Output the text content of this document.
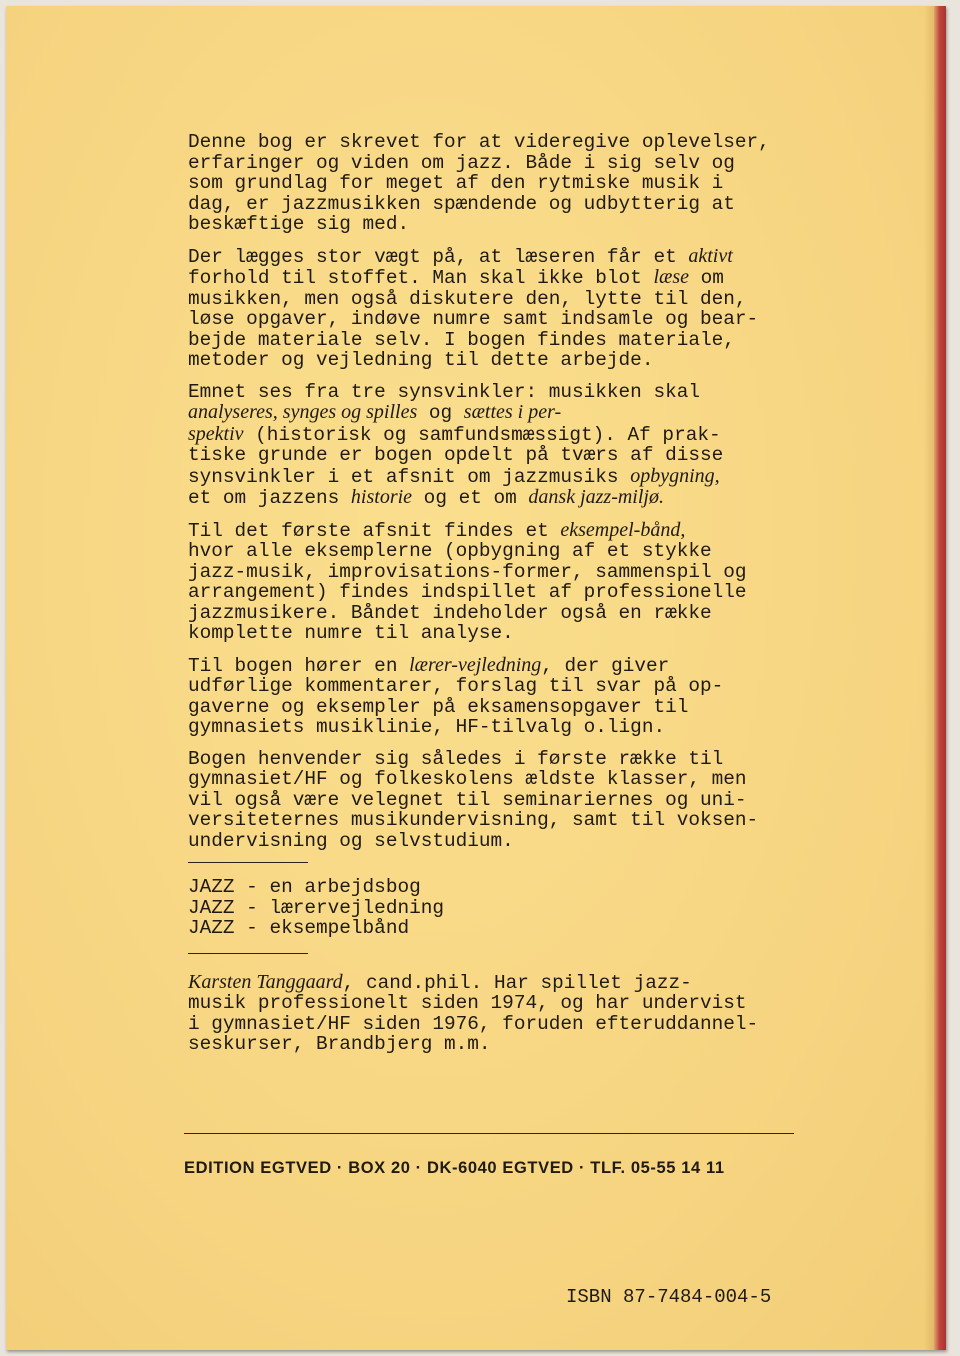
Denne bog er skrevet for at videregive oplevelser,
erfaringer og viden om jazz. Både i sig selv og
som grundlag for meget af den rytmiske musik i
dag, er jazzmusikken spændende og udbytterig at
beskæftige sig med.
Der lægges stor vægt på, at læseren får et aktivt
forhold til stoffet. Man skal ikke blot læse om
musikken, men også diskutere den, lytte til den,
løse opgaver, indøve numre samt indsamle og bear-
bejde materiale selv. I bogen findes materiale,
metoder og vejledning til dette arbejde.
Emnet ses fra tre synsvinkler: musikken skal
analyseres, synges og spilles og sættes i per-
spektiv (historisk og samfundsmæssigt). Af prak-
tiske grunde er bogen opdelt på tværs af disse
synsvinkler i et afsnit om jazzmusiks opbygning,
et om jazzens historie og et om dansk jazz-miljø.
Til det første afsnit findes et eksempel-bånd,
hvor alle eksemplerne (opbygning af et stykke
jazz-musik, improvisations-former, sammenspil og
arrangement) findes indspillet af professionelle
jazzmusikere. Båndet indeholder også en række
komplette numre til analyse.
Til bogen hører en lærer-vejledning, der giver
udførlige kommentarer, forslag til svar på op-
gaverne og eksempler på eksamensopgaver til
gymnasiets musiklinie, HF-tilvalg o.lign.
Bogen henvender sig således i første række til
gymnasiet/HF og folkeskolens ældste klasser, men
vil også være velegnet til seminariernes og uni-
versiteternes musikundervisning, samt til voksen-
undervisning og selvstudium.
JAZZ - en arbejdsbog
JAZZ - lærervejledning
JAZZ - eksempelbånd
Karsten Tanggaard, cand.phil. Har spillet jazz-
musik professionelt siden 1974, og har undervist
i gymnasiet/HF siden 1976, foruden efteruddannel-
seskurser, Brandbjerg m.m.
EDITION EGTVED · BOX 20 · DK-6040 EGTVED · TLF. 05-55 14 11
ISBN 87-7484-004-5
